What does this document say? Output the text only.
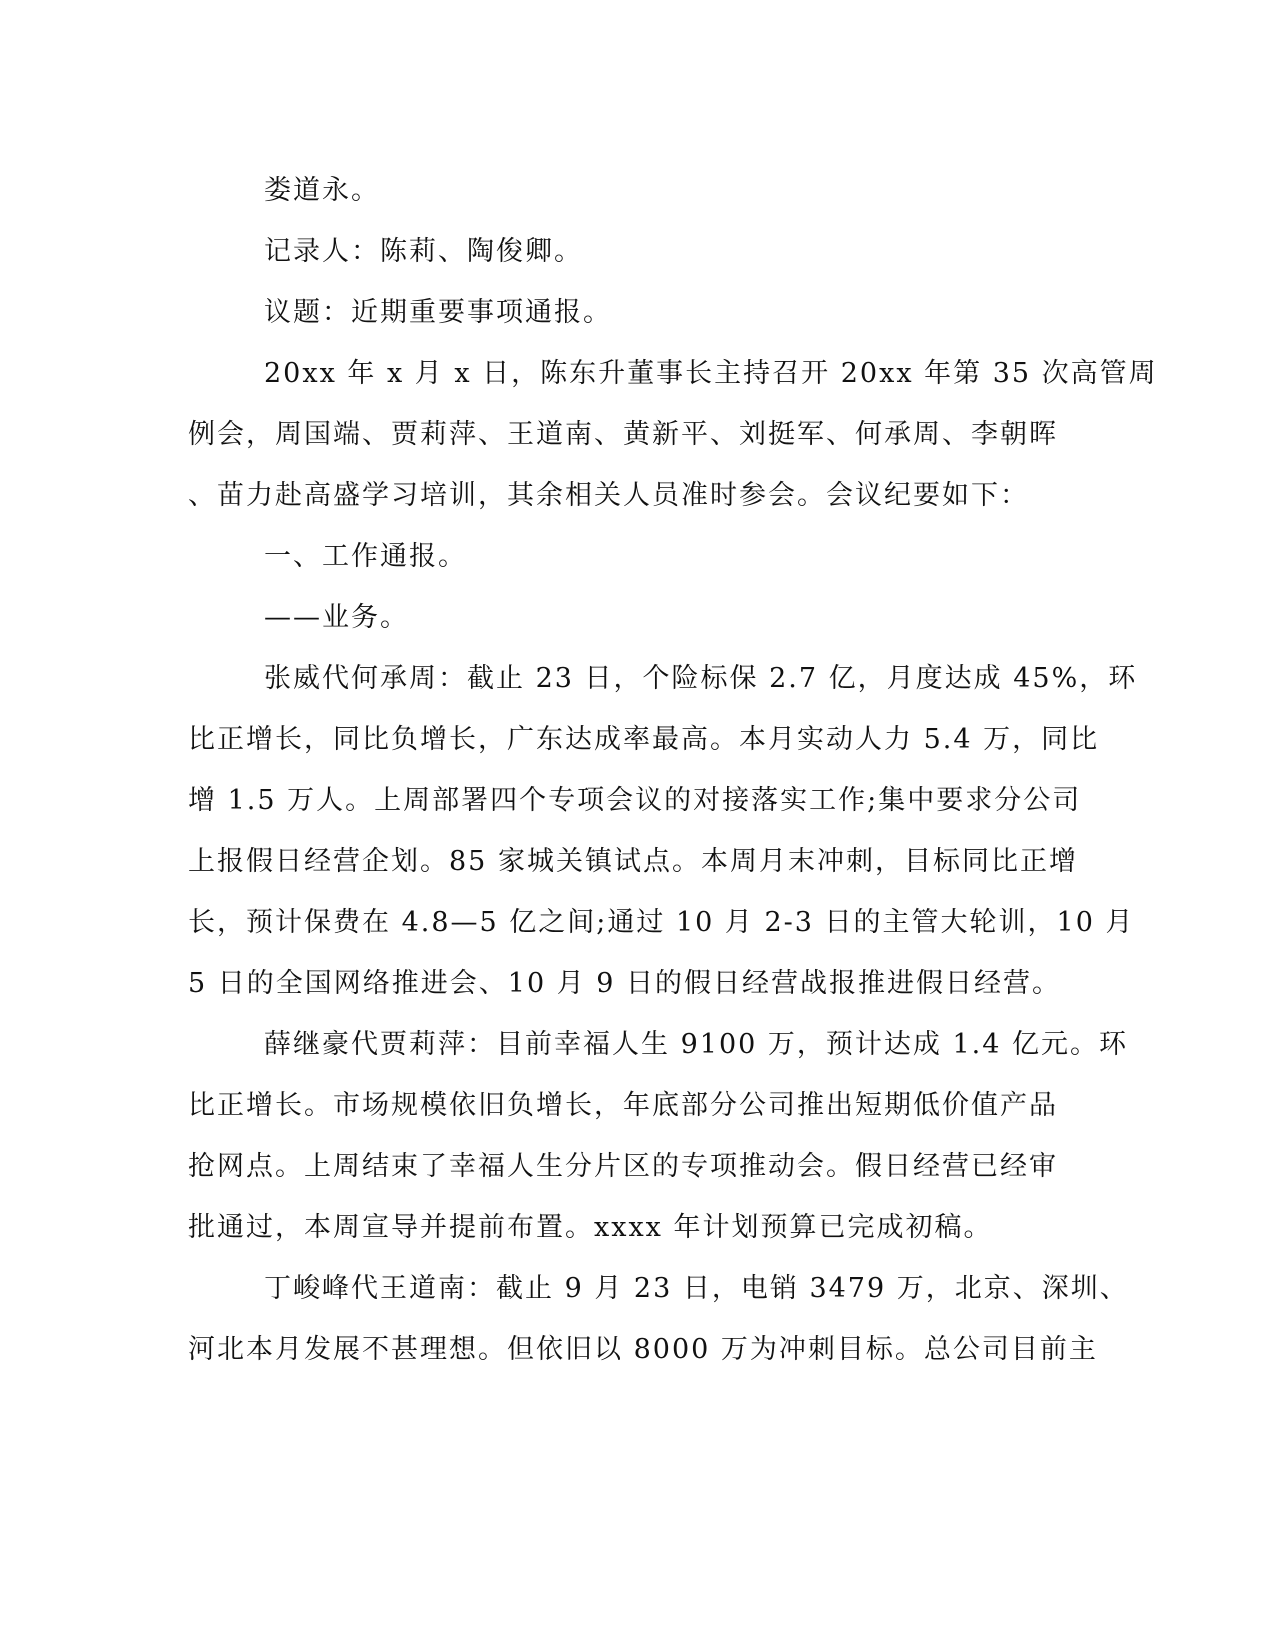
娄道永。
记录人：陈莉、陶俊卿。
议题：近期重要事项通报。
20xx 年 x 月 x 日，陈东升董事长主持召开 20xx 年第 35 次高管周
例会，周国端、贾莉萍、王道南、黄新平、刘挺军、何承周、李朝晖
、苗力赴高盛学习培训，其余相关人员准时参会。会议纪要如下：
一、工作通报。
——业务。
张威代何承周：截止 23 日，个险标保 2.7 亿，月度达成 45%，环
比正增长，同比负增长，广东达成率最高。本月实动人力 5.4 万，同比
增 1.5 万人。上周部署四个专项会议的对接落实工作;集中要求分公司
上报假日经营企划。85 家城关镇试点。本周月末冲刺，目标同比正增
长，预计保费在 4.8—5 亿之间;通过 10 月 2-3 日的主管大轮训，10 月
5 日的全国网络推进会、10 月 9 日的假日经营战报推进假日经营。
薛继豪代贾莉萍：目前幸福人生 9100 万，预计达成 1.4 亿元。环
比正增长。市场规模依旧负增长，年底部分公司推出短期低价值产品
抢网点。上周结束了幸福人生分片区的专项推动会。假日经营已经审
批通过，本周宣导并提前布置。xxxx 年计划预算已完成初稿。
丁峻峰代王道南：截止 9 月 23 日，电销 3479 万，北京、深圳、
河北本月发展不甚理想。但依旧以 8000 万为冲刺目标。总公司目前主
